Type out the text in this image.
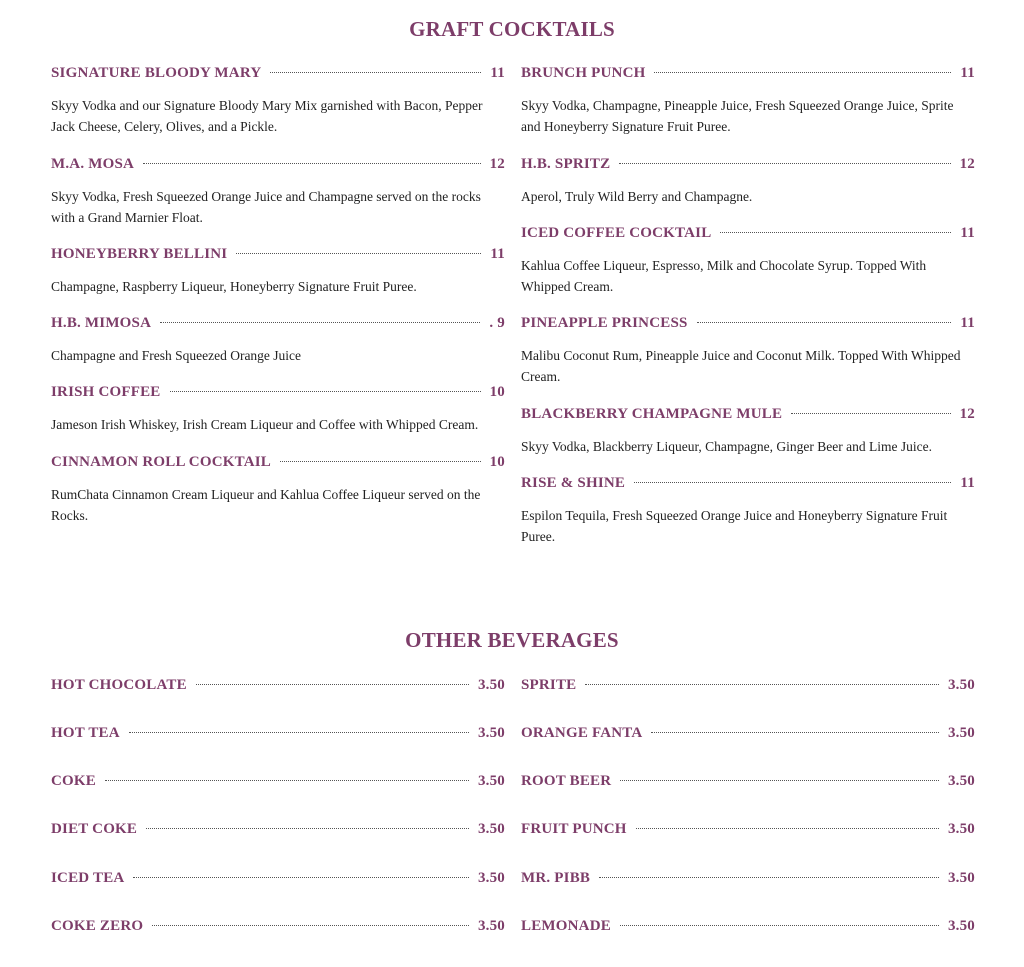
GRAFT COCKTAILS
SIGNATURE BLOODY MARY	11
Skyy Vodka and our Signature Bloody Mary Mix garnished with Bacon, Pepper Jack Cheese, Celery, Olives, and a Pickle.
M.A. MOSA	12
Skyy Vodka, Fresh Squeezed Orange Juice and Champagne served on the rocks with a Grand Marnier Float.
HONEYBERRY BELLINI	11
Champagne, Raspberry Liqueur, Honeyberry Signature Fruit Puree.
H.B. MIMOSA	. 9
Champagne and Fresh Squeezed Orange Juice
IRISH COFFEE	10
Jameson Irish Whiskey, Irish Cream Liqueur and Coffee with Whipped Cream.
CINNAMON ROLL COCKTAIL	10
RumChata Cinnamon Cream Liqueur and Kahlua Coffee Liqueur served on the Rocks.
BRUNCH PUNCH	11
Skyy Vodka, Champagne, Pineapple Juice, Fresh Squeezed Orange Juice, Sprite and Honeyberry Signature Fruit Puree.
H.B. SPRITZ	12
Aperol, Truly Wild Berry and Champagne.
ICED COFFEE COCKTAIL	11
Kahlua Coffee Liqueur, Espresso, Milk and Chocolate Syrup. Topped With Whipped Cream.
PINEAPPLE PRINCESS	11
Malibu Coconut Rum, Pineapple Juice and Coconut Milk. Topped With Whipped Cream.
BLACKBERRY CHAMPAGNE MULE	12
Skyy Vodka, Blackberry Liqueur, Champagne, Ginger Beer and Lime Juice.
RISE & SHINE	11
Espilon Tequila, Fresh Squeezed Orange Juice and Honeyberry Signature Fruit Puree.
OTHER BEVERAGES
HOT CHOCOLATE	3.50
HOT TEA	3.50
COKE	3.50
DIET COKE	3.50
ICED TEA	3.50
COKE ZERO	3.50
SPRITE	3.50
ORANGE FANTA	3.50
ROOT BEER	3.50
FRUIT PUNCH	3.50
MR. PIBB	3.50
LEMONADE	3.50
